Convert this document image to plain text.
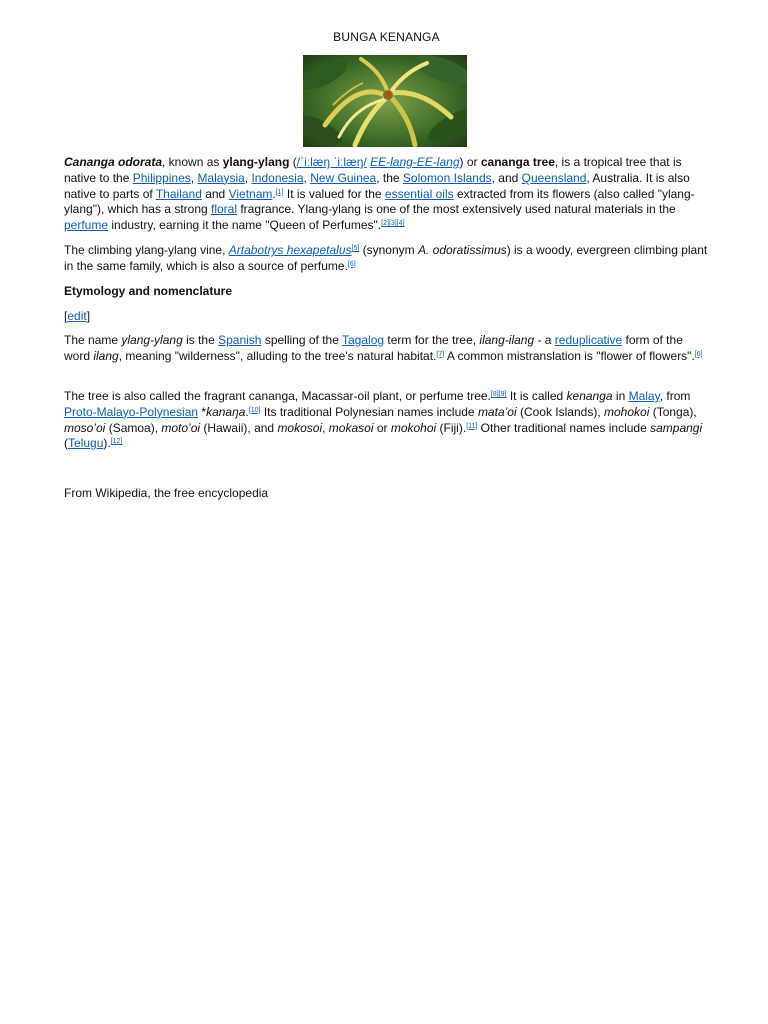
BUNGA KENANGA

Cananga odorata, known as ylang-ylang (/ˈiːlæŋ ˈiːlæŋ/ EE-lang-EE-lang) or cananga tree, is a tropical tree that is native to the Philippines, Malaysia, Indonesia, New Guinea, the Solomon Islands, and Queensland, Australia. It is also native to parts of Thailand and Vietnam.[1] It is valued for the essential oils extracted from its flowers (also called "ylang-ylang"), which has a strong floral fragrance. Ylang-ylang is one of the most extensively used natural materials in the perfume industry, earning it the name "Queen of Perfumes".[2][3][4]

The climbing ylang-ylang vine, Artabotrys hexapetalus[5] (synonym A. odoratissimus) is a woody, evergreen climbing plant in the same family, which is also a source of perfume.[6]

Etymology and nomenclature
[edit]

The name ylang-ylang is the Spanish spelling of the Tagalog term for the tree, ilang-ilang - a reduplicative form of the word ilang, meaning "wilderness", alluding to the tree's natural habitat.[7] A common mistranslation is "flower of flowers".[6]

The tree is also called the fragrant cananga, Macassar-oil plant, or perfume tree.[8][9] It is called kenanga in Malay, from Proto-Malayo-Polynesian *kanaŋa.[10] Its traditional Polynesian names include mata’oi (Cook Islands), mohokoi (Tonga), moso’oi (Samoa), moto’oi (Hawaii), and mokosoi, mokasoi or mokohoi (Fiji).[11] Other traditional names include sampangi (Telugu).[12]

From Wikipedia, the free encyclopedia
